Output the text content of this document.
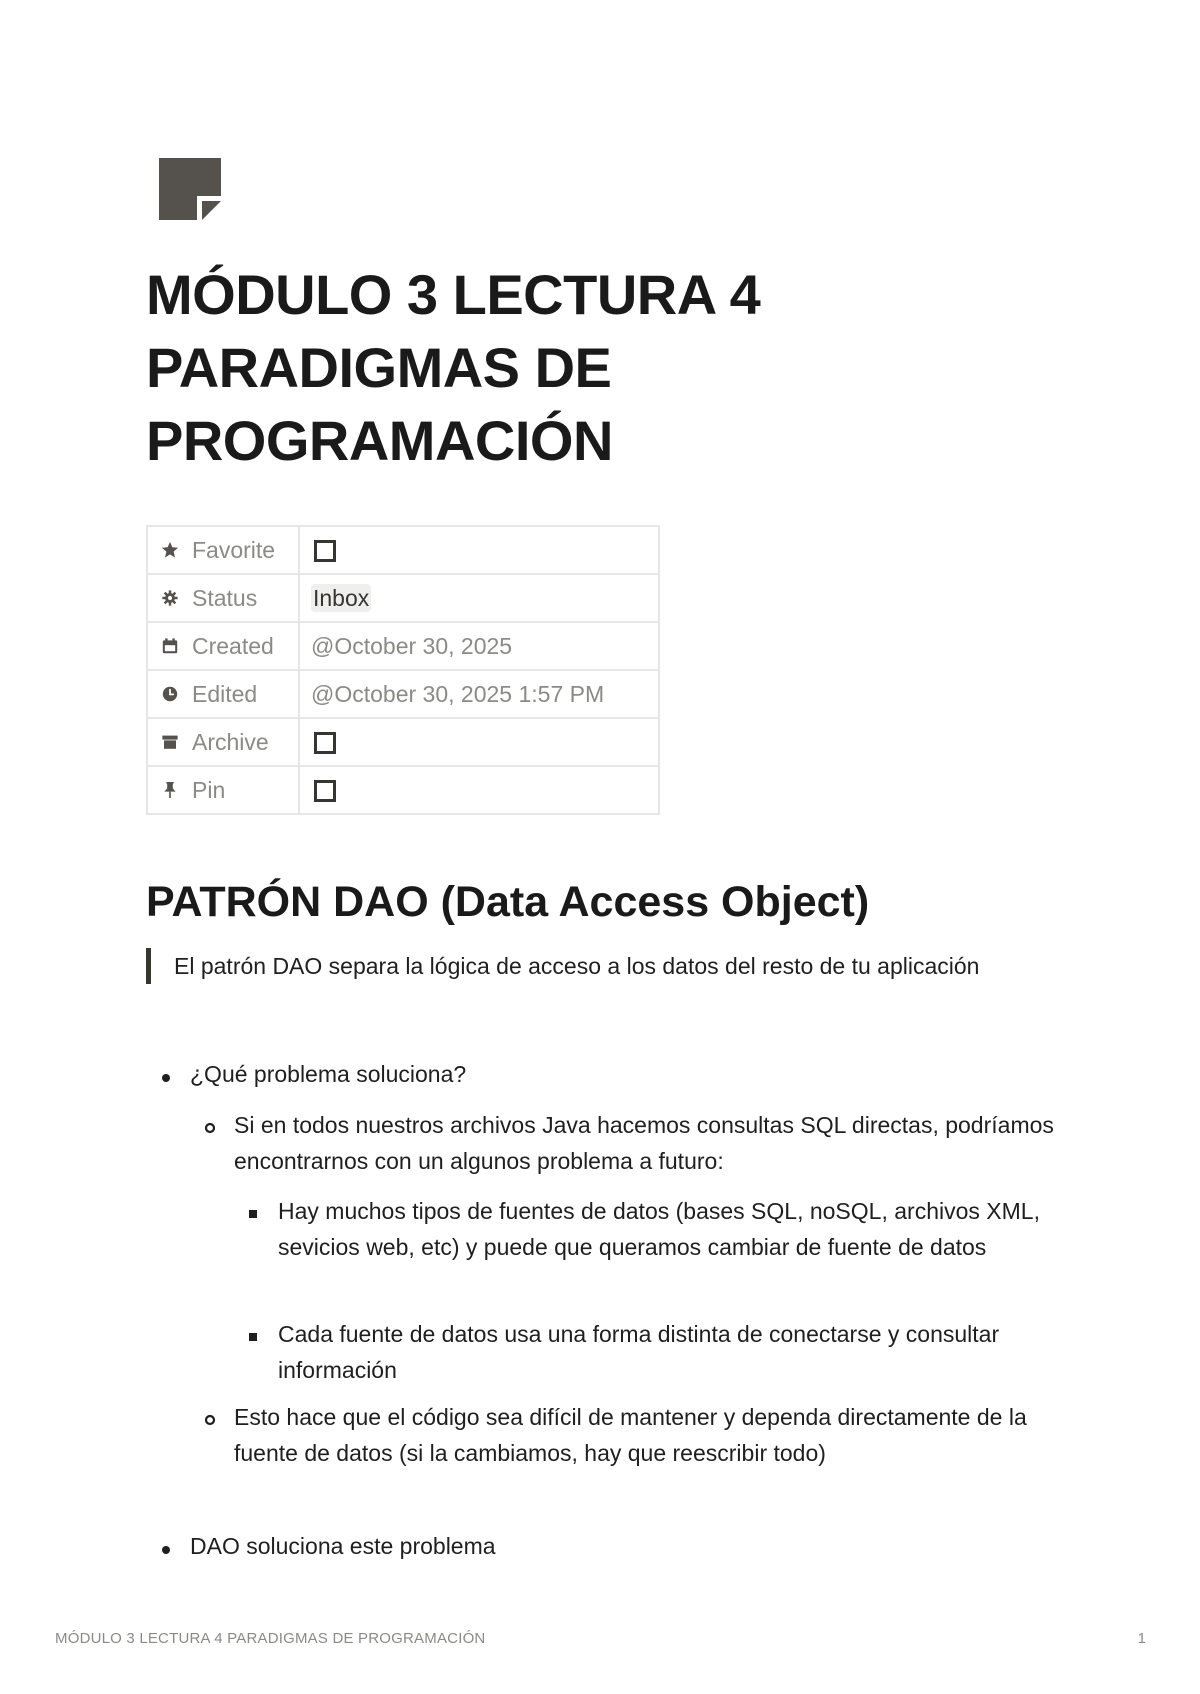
MÓDULO 3 LECTURA 4 PARADIGMAS DE PROGRAMACIÓN
Favorite	

Status	Inbox

Created	@October 30, 2025

Edited	@October 30, 2025 1:57 PM

Archive	

Pin	

PATRÓN DAO (Data Access Object)
El patrón DAO separa la lógica de acceso a los datos del resto de tu aplicación

¿Qué problema soluciona?

Si en todos nuestros archivos Java hacemos consultas SQL directas, podríamos encontrarnos con un algunos problema a futuro:

Hay muchos tipos de fuentes de datos (bases SQL, noSQL, archivos XML, sevicios web, etc) y puede que queramos cambiar de fuente de datos

Cada fuente de datos usa una forma distinta de conectarse y consultar información

Esto hace que el código sea difícil de mantener y dependa directamente de la fuente de datos (si la cambiamos, hay que reescribir todo)

DAO soluciona este problema

MÓDULO 3 LECTURA 4 PARADIGMAS DE PROGRAMACIÓN	1
